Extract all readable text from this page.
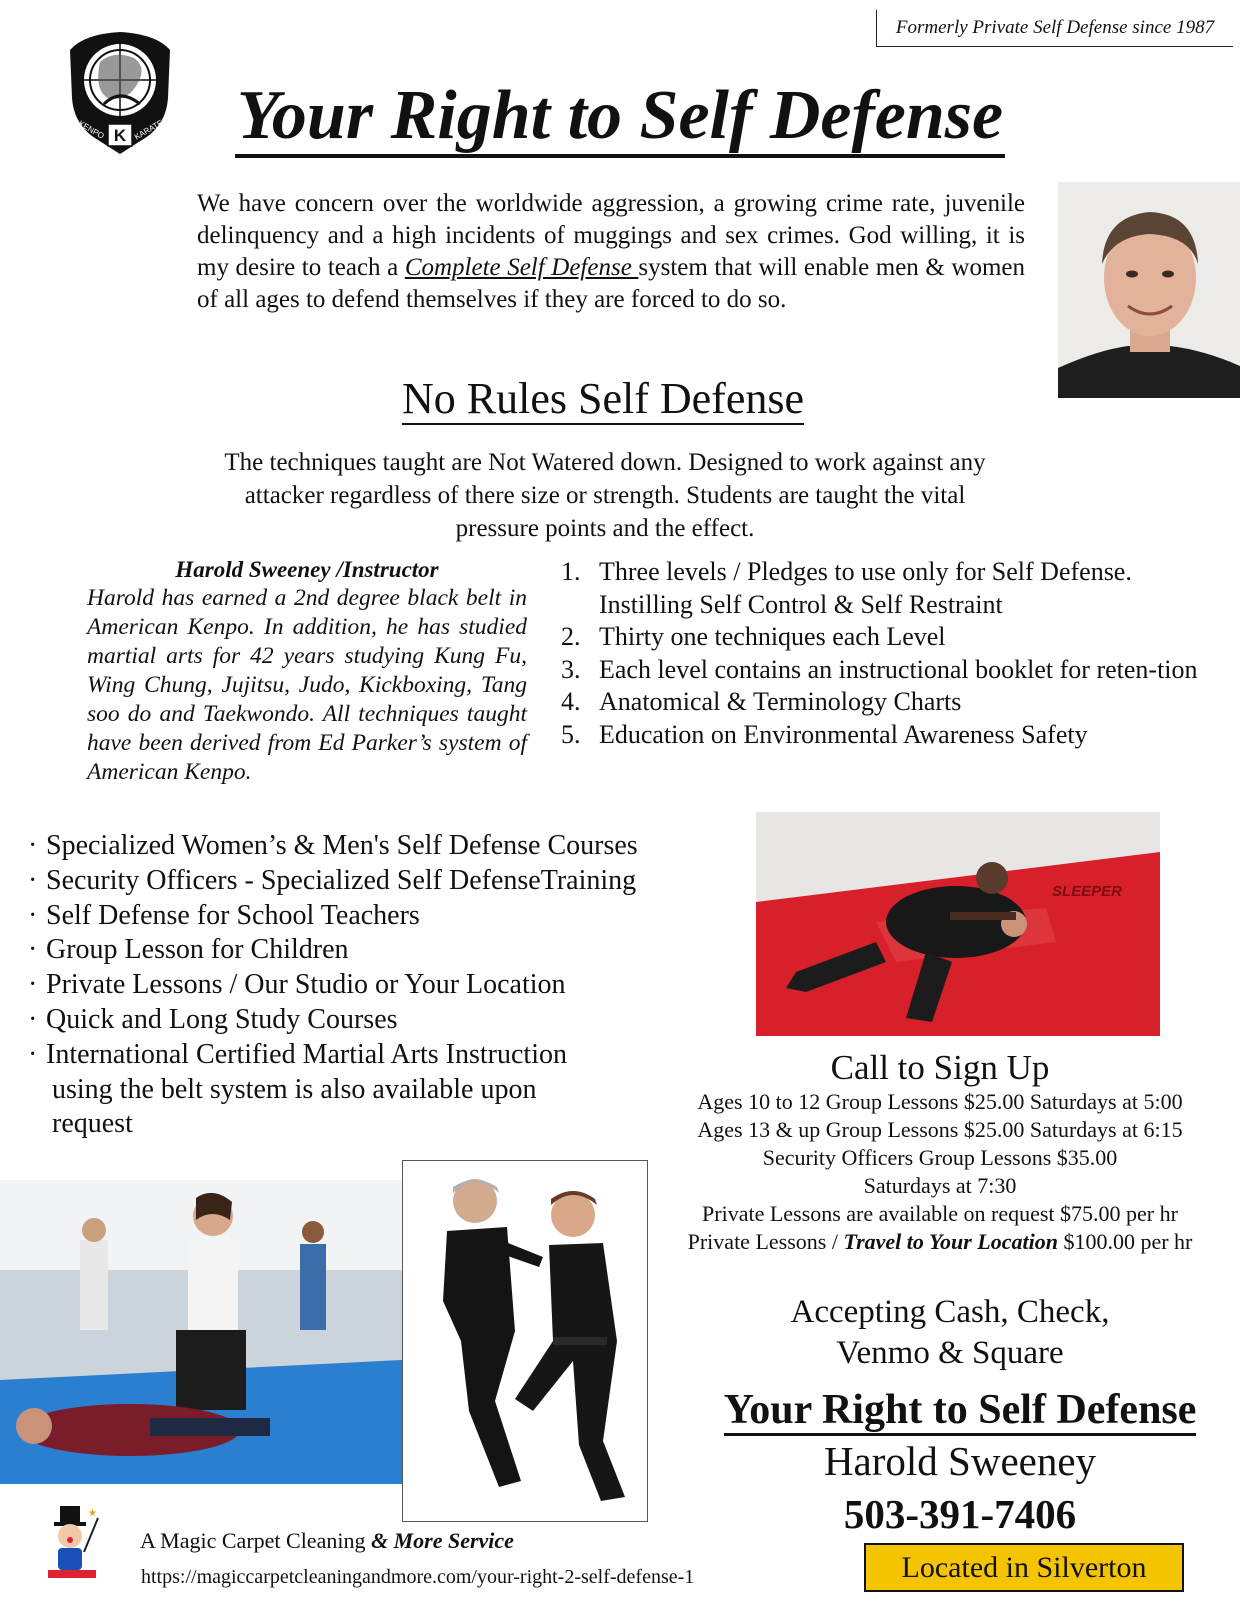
Formerly Private Self Defense since 1987
K
KENPO	KARATE	Your Right to Self Defense
We have concern over the worldwide aggression, a growing crime rate, juvenile delinquency and a high incidents of muggings and sex crimes. God willing, it is my desire to teach a Complete Self Defense system that will enable men & women of all ages to defend themselves if they are forced to do so.
No Rules Self Defense
The techniques taught are Not Watered down. Designed to work against any attacker regardless of there size or strength. Students are taught the vital pressure points and the effect.
Harold Sweeney /Instructor
Harold has earned a 2nd degree black belt in American Kenpo. In addition, he has studied martial arts for 42 years studying Kung Fu, Wing Chung, Jujitsu, Judo, Kickboxing, Tang soo do and Taekwondo. All techniques taught have been derived from Ed Parker’s system of American Kenpo.
1. Three levels / Pledges to use only for Self Defense. Instilling Self Control & Self Restraint
2. Thirty one techniques each Level
3. Each level contains an instructional booklet for reten-tion
4. Anatomical & Terminology Charts
5. Education on Environmental Awareness Safety
· Specialized Women’s & Men's Self Defense Courses
· Security Officers - Specialized Self DefenseTraining
· Self Defense for School Teachers
· Group Lesson for Children
· Private Lessons / Our Studio or Your Location
· Quick and Long Study Courses
· International Certified Martial Arts Instruction
using the belt system is also available upon
request
SLEEPER
Call to Sign Up
Ages 10 to 12 Group Lessons $25.00 Saturdays at 5:00
Ages 13 & up Group Lessons $25.00 Saturdays at 6:15
Security Officers Group Lessons $35.00
Saturdays at 7:30
Private Lessons are available on request $75.00 per hr
Private Lessons / Travel to Your Location $100.00 per hr
Accepting Cash, Check,
Venmo & Square
Your Right to Self Defense
Harold Sweeney
503-391-7406
Located in Silverton
★
A Magic Carpet Cleaning & More Service
https://magiccarpetcleaningandmore.com/your-right-2-self-defense-1
